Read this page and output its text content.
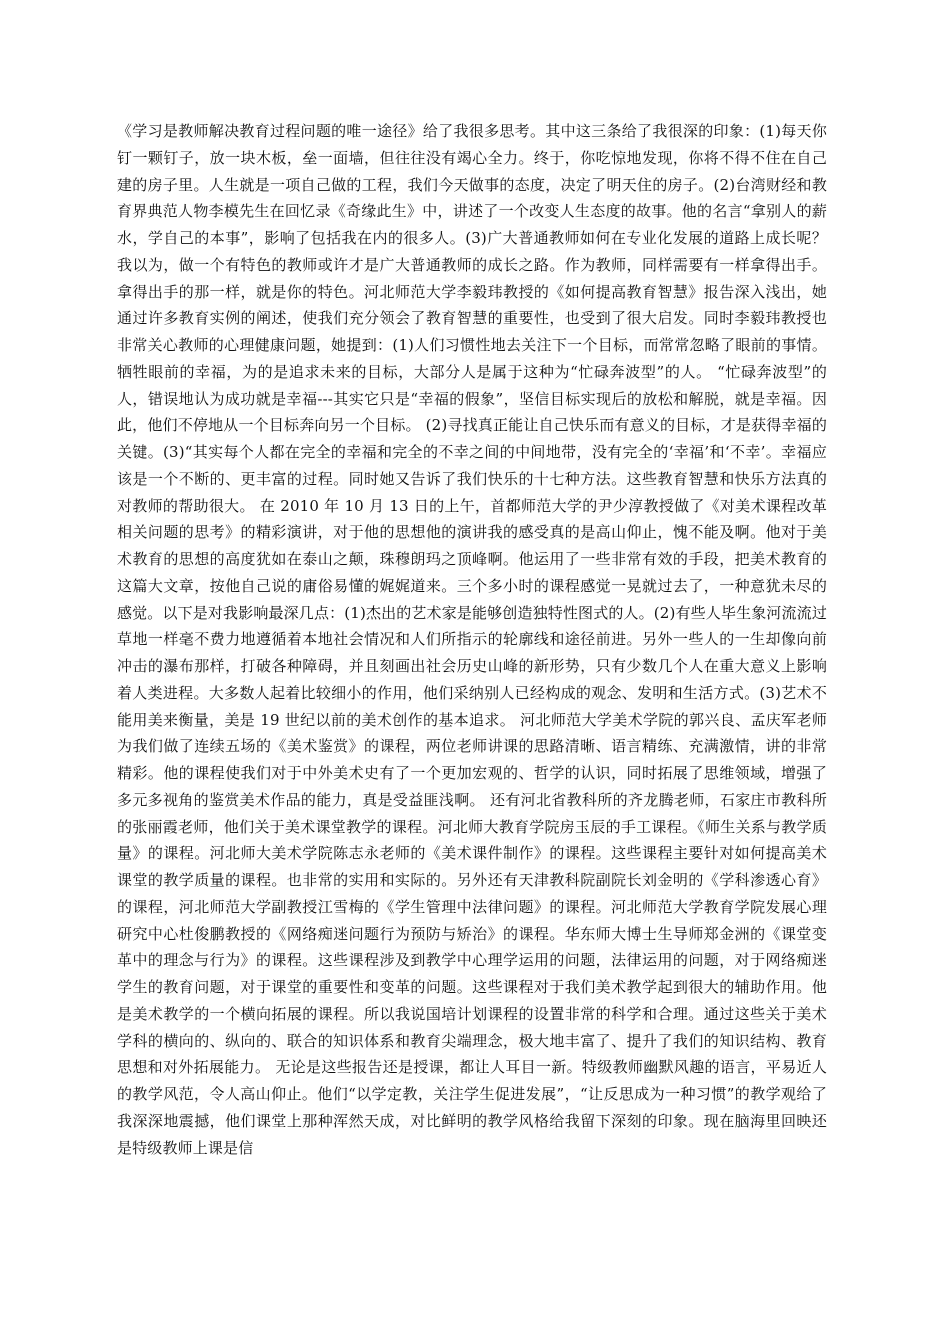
《学习是教师解决教育过程问题的唯一途径》给了我很多思考。其中这三条给了我很深的印象：(1)每天你钉一颗钉子，放一块木板，垒一面墙，但往往没有竭心全力。终于，你吃惊地发现，你将不得不住在自己建的房子里。人生就是一项自己做的工程，我们今天做事的态度，决定了明天住的房子。(2)台湾财经和教育界典范人物李模先生在回忆录《奇缘此生》中，讲述了一个改变人生态度的故事。他的名言“拿别人的薪水，学自己的本事”，影响了包括我在内的很多人。(3)广大普通教师如何在专业化发展的道路上成长呢？我以为，做一个有特色的教师或许才是广大普通教师的成长之路。作为教师，同样需要有一样拿得出手。拿得出手的那一样，就是你的特色。河北师范大学李毅玮教授的《如何提高教育智慧》报告深入浅出，她通过许多教育实例的阐述，使我们充分领会了教育智慧的重要性，也受到了很大启发。同时李毅玮教授也非常关心教师的心理健康问题，她提到：(1)人们习惯性地去关注下一个目标，而常常忽略了眼前的事情。牺牲眼前的幸福，为的是追求未来的目标，大部分人是属于这种为“忙碌奔波型”的人。 “忙碌奔波型”的人，错误地认为成功就是幸福---其实它只是“幸福的假象”，坚信目标实现后的放松和解脱，就是幸福。因此，他们不停地从一个目标奔向另一个目标。 (2)寻找真正能让自己快乐而有意义的目标，才是获得幸福的关键。(3)“其实每个人都在完全的幸福和完全的不幸之间的中间地带，没有完全的‘幸福’和‘不幸’。幸福应该是一个不断的、更丰富的过程。同时她又告诉了我们快乐的十七种方法。这些教育智慧和快乐方法真的对教师的帮助很大。 在 2010 年 10 月 13 日的上午，首都师范大学的尹少淳教授做了《对美术课程改革相关问题的思考》的精彩演讲，对于他的思想他的演讲我的感受真的是高山仰止，愧不能及啊。他对于美术教育的思想的高度犹如在泰山之颠，珠穆朗玛之顶峰啊。他运用了一些非常有效的手段，把美术教育的这篇大文章，按他自己说的庸俗易懂的娓娓道来。三个多小时的课程感觉一晃就过去了，一种意犹未尽的感觉。以下是对我影响最深几点：(1)杰出的艺术家是能够创造独特性图式的人。(2)有些人毕生象河流流过草地一样毫不费力地遵循着本地社会情况和人们所指示的轮廓线和途径前进。另外一些人的一生却像向前冲击的瀑布那样，打破各种障碍，并且刻画出社会历史山峰的新形势，只有少数几个人在重大意义上影响着人类进程。大多数人起着比较细小的作用，他们采纳别人已经构成的观念、发明和生活方式。(3)艺术不能用美来衡量，美是 19 世纪以前的美术创作的基本追求。 河北师范大学美术学院的郭兴良、孟庆军老师为我们做了连续五场的《美术鉴赏》的课程，两位老师讲课的思路清晰、语言精练、充满激情，讲的非常精彩。他的课程使我们对于中外美术史有了一个更加宏观的、哲学的认识，同时拓展了思维领域，增强了多元多视角的鉴赏美术作品的能力，真是受益匪浅啊。 还有河北省教科所的齐龙腾老师，石家庄市教科所的张丽霞老师，他们关于美术课堂教学的课程。河北师大教育学院房玉辰的手工课程。《师生关系与教学质量》的课程。河北师大美术学院陈志永老师的《美术课件制作》的课程。这些课程主要针对如何提高美术课堂的教学质量的课程。也非常的实用和实际的。另外还有天津教科院副院长刘金明的《学科渗透心育》的课程，河北师范大学副教授江雪梅的《学生管理中法律问题》的课程。河北师范大学教育学院发展心理研究中心杜俊鹏教授的《网络痴迷问题行为预防与矫治》的课程。华东师大博士生导师郑金洲的《课堂变革中的理念与行为》的课程。这些课程涉及到教学中心理学运用的问题，法律运用的问题，对于网络痴迷学生的教育问题，对于课堂的重要性和变革的问题。这些课程对于我们美术教学起到很大的辅助作用。他是美术教学的一个横向拓展的课程。所以我说国培计划课程的设置非常的科学和合理。通过这些关于美术学科的横向的、纵向的、联合的知识体系和教育尖端理念，极大地丰富了、提升了我们的知识结构、教育思想和对外拓展能力。 无论是这些报告还是授课，都让人耳目一新。特级教师幽默风趣的语言，平易近人的教学风范，令人高山仰止。他们“以学定教，关注学生促进发展”，“让反思成为一种习惯”的教学观给了我深深地震撼，他们课堂上那种浑然天成，对比鲜明的教学风格给我留下深刻的印象。现在脑海里回映还是特级教师上课是信
